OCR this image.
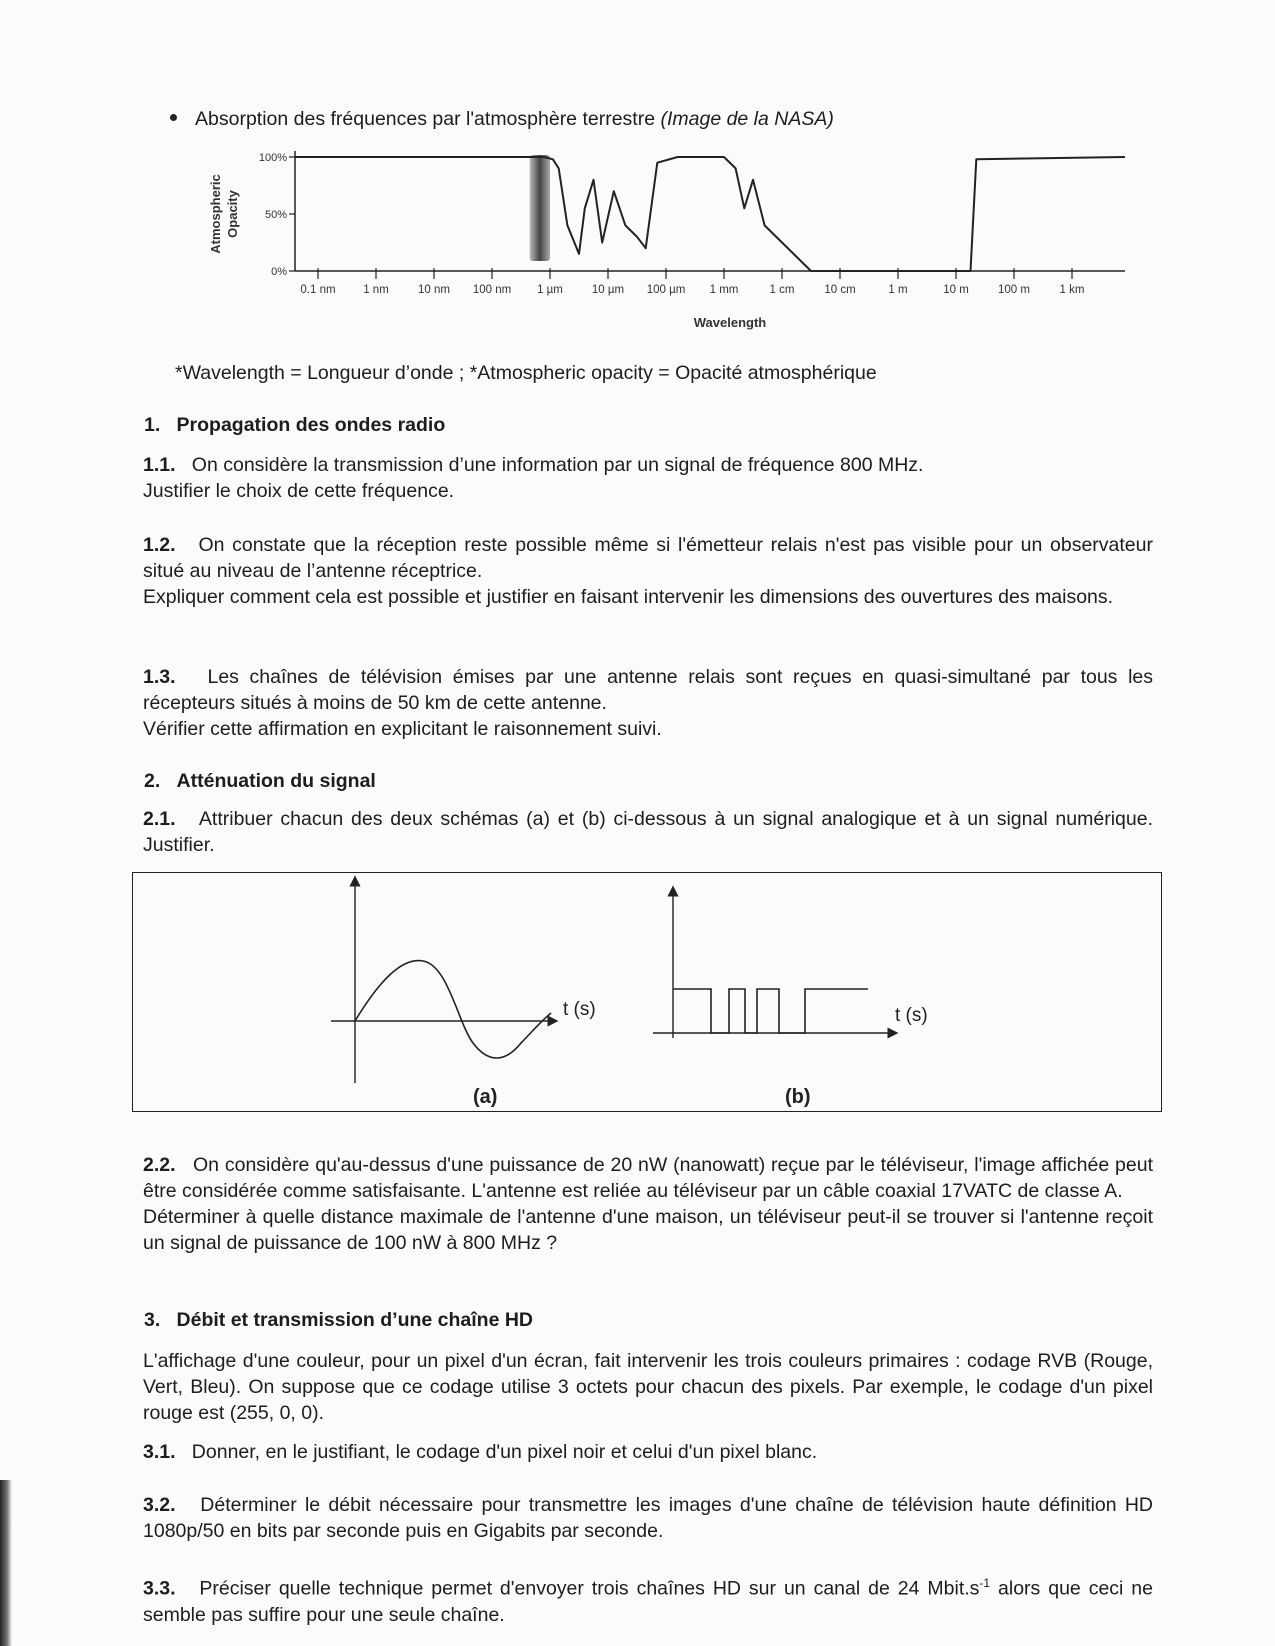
Absorption des fréquences par l'atmosphère terrestre (Image de la NASA)
100%
50%
0%
Atmospheric Opacity
0.1 nm 1 nm	10 nm 100 nm 1 µm	10 µm 100 µm 1 mm	1 cm	10 cm	1 m	10 m	100 m	1 km
Wavelength
*Wavelength = Longueur d’onde ; *Atmospheric opacity = Opacité atmosphérique
1. Propagation des ondes radio
1.1. On considère la transmission d’une information par un signal de fréquence 800 MHz.
Justifier le choix de cette fréquence.
1.2. On constate que la réception reste possible même si l'émetteur relais n'est pas visible pour un observateur situé au niveau de l’antenne réceptrice.
Expliquer comment cela est possible et justifier en faisant intervenir les dimensions des ouvertures des maisons.
1.3. Les chaînes de télévision émises par une antenne relais sont reçues en quasi-simultané par tous les récepteurs situés à moins de 50 km de cette antenne.
Vérifier cette affirmation en explicitant le raisonnement suivi.
2. Atténuation du signal
2.1. Attribuer chacun des deux schémas (a) et (b) ci-dessous à un signal analogique et à un signal numérique. Justifier.
t (s)
(a)
t (s)
(b)
2.2. On considère qu'au-dessus d'une puissance de 20 nW (nanowatt) reçue par le téléviseur, l'image affichée peut être considérée comme satisfaisante. L'antenne est reliée au téléviseur par un câble coaxial 17VATC de classe A.
Déterminer à quelle distance maximale de l'antenne d'une maison, un téléviseur peut-il se trouver si l'antenne reçoit un signal de puissance de 100 nW à 800 MHz ?
3. Débit et transmission d’une chaîne HD
L'affichage d'une couleur, pour un pixel d'un écran, fait intervenir les trois couleurs primaires : codage RVB (Rouge, Vert, Bleu). On suppose que ce codage utilise 3 octets pour chacun des pixels. Par exemple, le codage d'un pixel rouge est (255, 0, 0).
3.1. Donner, en le justifiant, le codage d'un pixel noir et celui d'un pixel blanc.
3.2. Déterminer le débit nécessaire pour transmettre les images d'une chaîne de télévision haute définition HD 1080p/50 en bits par seconde puis en Gigabits par seconde.
3.3. Préciser quelle technique permet d'envoyer trois chaînes HD sur un canal de 24 $Mbit.s^{-1}$ alors que ceci ne semble pas suffire pour une seule chaîne.
